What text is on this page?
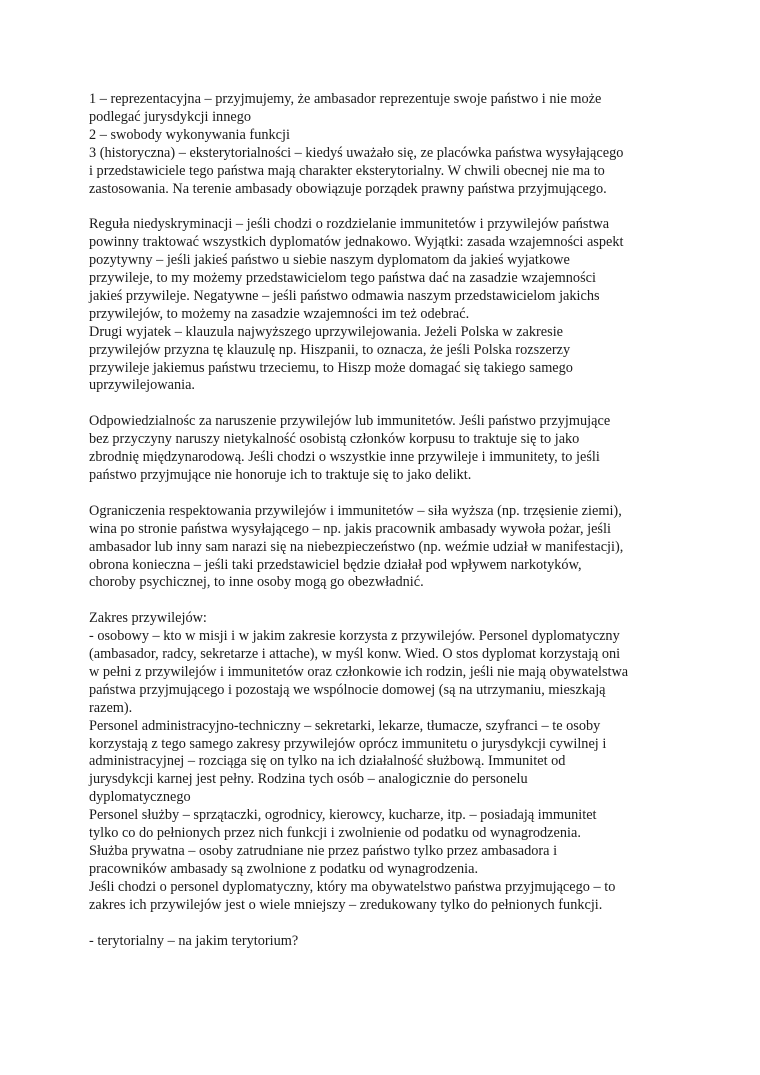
1 – reprezentacyjna – przyjmujemy, że ambasador reprezentuje swoje państwo i nie może
podlegać jurysdykcji innego
2 – swobody wykonywania funkcji
3 (historyczna) – eksterytorialności – kiedyś uważało się, ze placówka państwa wysyłającego
i przedstawiciele tego państwa mają charakter eksterytorialny. W chwili obecnej nie ma to
zastosowania. Na terenie ambasady obowiązuje porządek prawny państwa przyjmującego.
Reguła niedyskryminacji – jeśli chodzi o rozdzielanie immunitetów i przywilejów państwa
powinny traktować wszystkich dyplomatów jednakowo. Wyjątki: zasada wzajemności aspekt
pozytywny – jeśli jakieś państwo u siebie naszym dyplomatom da jakieś wyjatkowe
przywileje, to my możemy przedstawicielom tego państwa dać na zasadzie wzajemności
jakieś przywileje. Negatywne – jeśli państwo odmawia naszym przedstawicielom jakichs
przywilejów, to możemy na zasadzie wzajemności im też odebrać.
Drugi wyjatek – klauzula najwyższego uprzywilejowania. Jeżeli Polska w zakresie
przywilejów przyzna tę klauzulę np. Hiszpanii, to oznacza, że jeśli Polska rozszerzy
przywileje jakiemus państwu trzeciemu, to Hiszp może domagać się takiego samego
uprzywilejowania.
Odpowiedzialnośc za naruszenie przywilejów lub immunitetów. Jeśli państwo przyjmujące
bez przyczyny naruszy nietykalność osobistą członków korpusu to traktuje się to jako
zbrodnię międzynarodową. Jeśli chodzi o wszystkie inne przywileje i immunitety, to jeśli
państwo przyjmujące nie honoruje ich to traktuje się to jako delikt.
Ograniczenia respektowania przywilejów i immunitetów – siła wyższa (np. trzęsienie ziemi),
wina po stronie państwa wysyłającego – np. jakis pracownik ambasady wywoła pożar, jeśli
ambasador lub inny sam narazi się na niebezpieczeństwo (np. weźmie udział w manifestacji),
obrona konieczna – jeśli taki przedstawiciel będzie działał pod wpływem narkotyków,
choroby psychicznej, to inne osoby mogą go obezwładnić.
Zakres przywilejów:
- osobowy – kto w misji i w jakim zakresie korzysta z przywilejów. Personel dyplomatyczny
(ambasador, radcy, sekretarze i attache), w myśl konw. Wied. O stos dyplomat korzystają oni
w pełni z przywilejów i immunitetów oraz członkowie ich rodzin, jeśli nie mają obywatelstwa
państwa przyjmującego i pozostają we wspólnocie domowej (są na utrzymaniu, mieszkają
razem).
Personel administracyjno-techniczny – sekretarki, lekarze, tłumacze, szyfranci – te osoby
korzystają z tego samego zakresy przywilejów oprócz immunitetu o jurysdykcji cywilnej i
administracyjnej – rozciąga się on tylko na ich działalność służbową. Immunitet od
jurysdykcji karnej jest pełny. Rodzina tych osób – analogicznie do personelu
dyplomatycznego
Personel służby – sprzątaczki, ogrodnicy, kierowcy, kucharze, itp. – posiadają immunitet
tylko co do pełnionych przez nich funkcji i zwolnienie od podatku od wynagrodzenia.
Służba prywatna – osoby zatrudniane nie przez państwo tylko przez ambasadora i
pracowników ambasady są zwolnione z podatku od wynagrodzenia.
Jeśli chodzi o personel dyplomatyczny, który ma obywatelstwo państwa przyjmującego – to
zakres ich przywilejów jest o wiele mniejszy – zredukowany tylko do pełnionych funkcji.
- terytorialny – na jakim terytorium?
